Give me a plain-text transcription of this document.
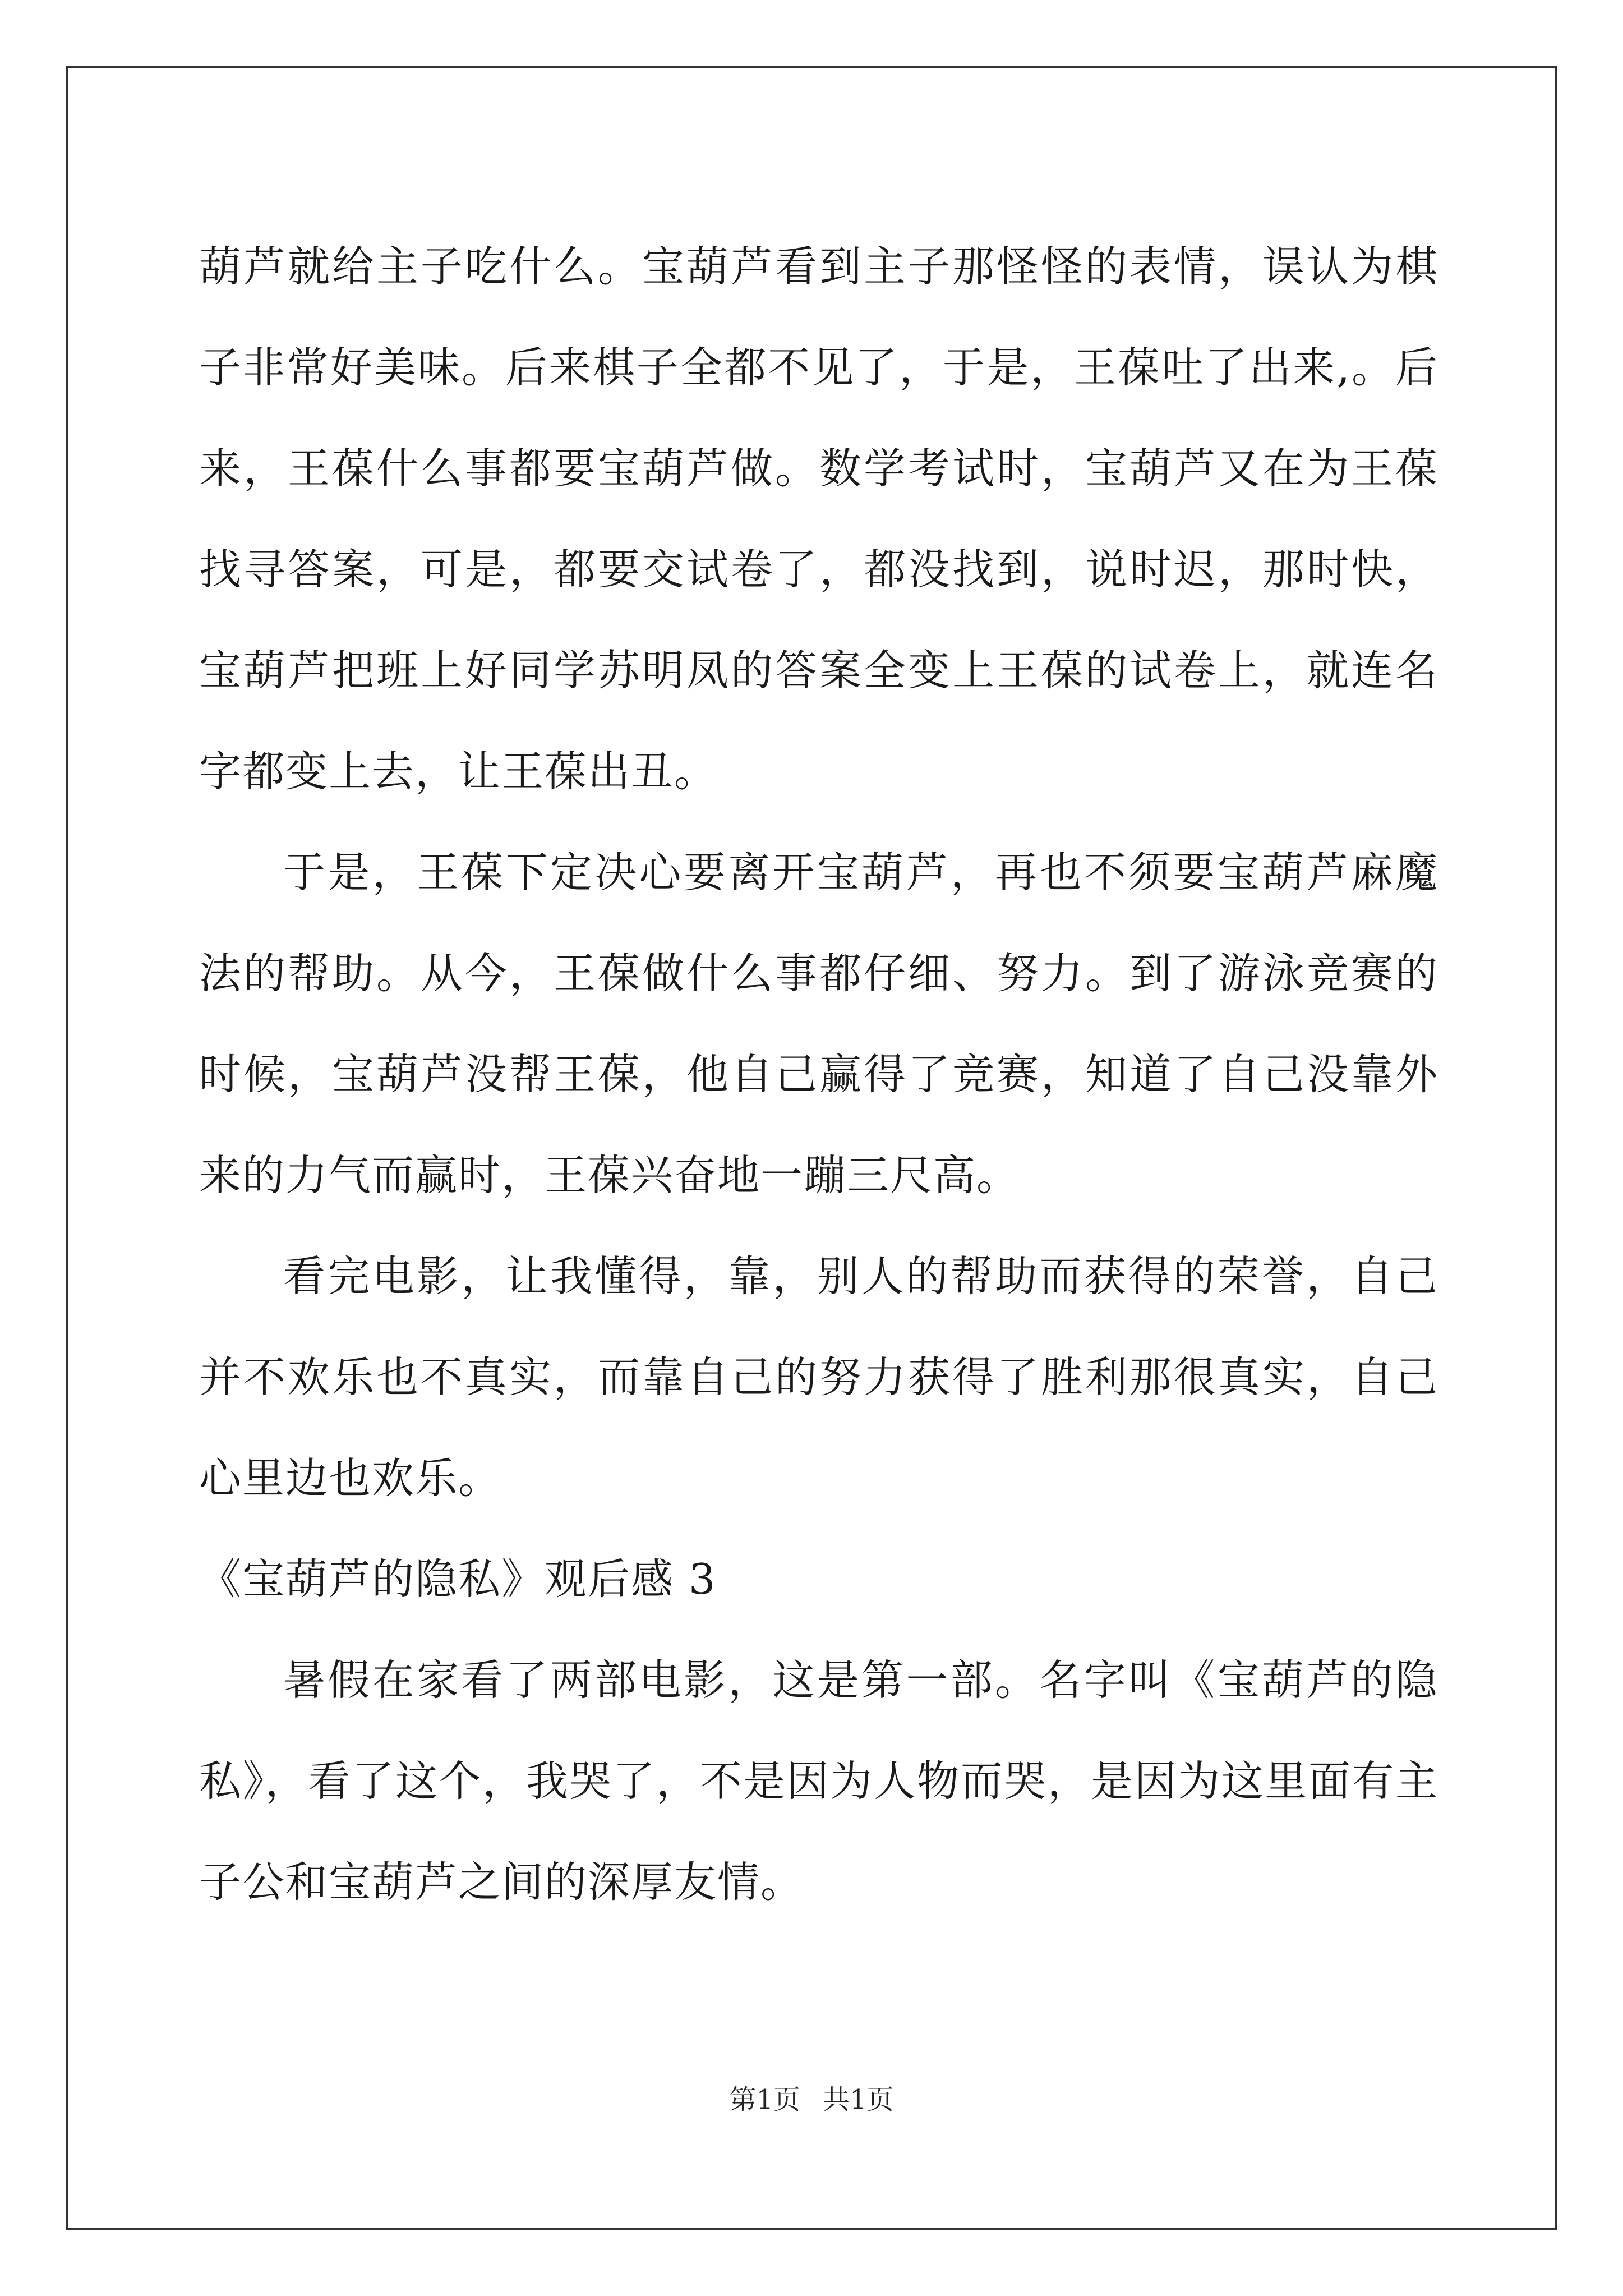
葫芦就给主子吃什么。宝葫芦看到主子那怪怪的表情，误认为棋子非常好美味。后来棋子全都不见了，于是，王葆吐了出来,。后来，王葆什么事都要宝葫芦做。数学考试时，宝葫芦又在为王葆找寻答案，可是，都要交试卷了，都没找到，说时迟，那时快，宝葫芦把班上好同学苏明凤的答案全变上王葆的试卷上，就连名字都变上去，让王葆出丑。

于是，王葆下定决心要离开宝葫芦，再也不须要宝葫芦麻魔法的帮助。从今，王葆做什么事都仔细、努力。到了游泳竞赛的时候，宝葫芦没帮王葆，他自己赢得了竞赛，知道了自己没靠外来的力气而赢时，王葆兴奋地一蹦三尺高。

看完电影，让我懂得，靠，别人的帮助而获得的荣誉，自己并不欢乐也不真实，而靠自己的努力获得了胜利那很真实，自己心里边也欢乐。

《宝葫芦的隐私》观后感 3

暑假在家看了两部电影，这是第一部。名字叫《宝葫芦的隐私》，看了这个，我哭了，不是因为人物而哭，是因为这里面有主子公和宝葫芦之间的深厚友情。

第1页 共1页
